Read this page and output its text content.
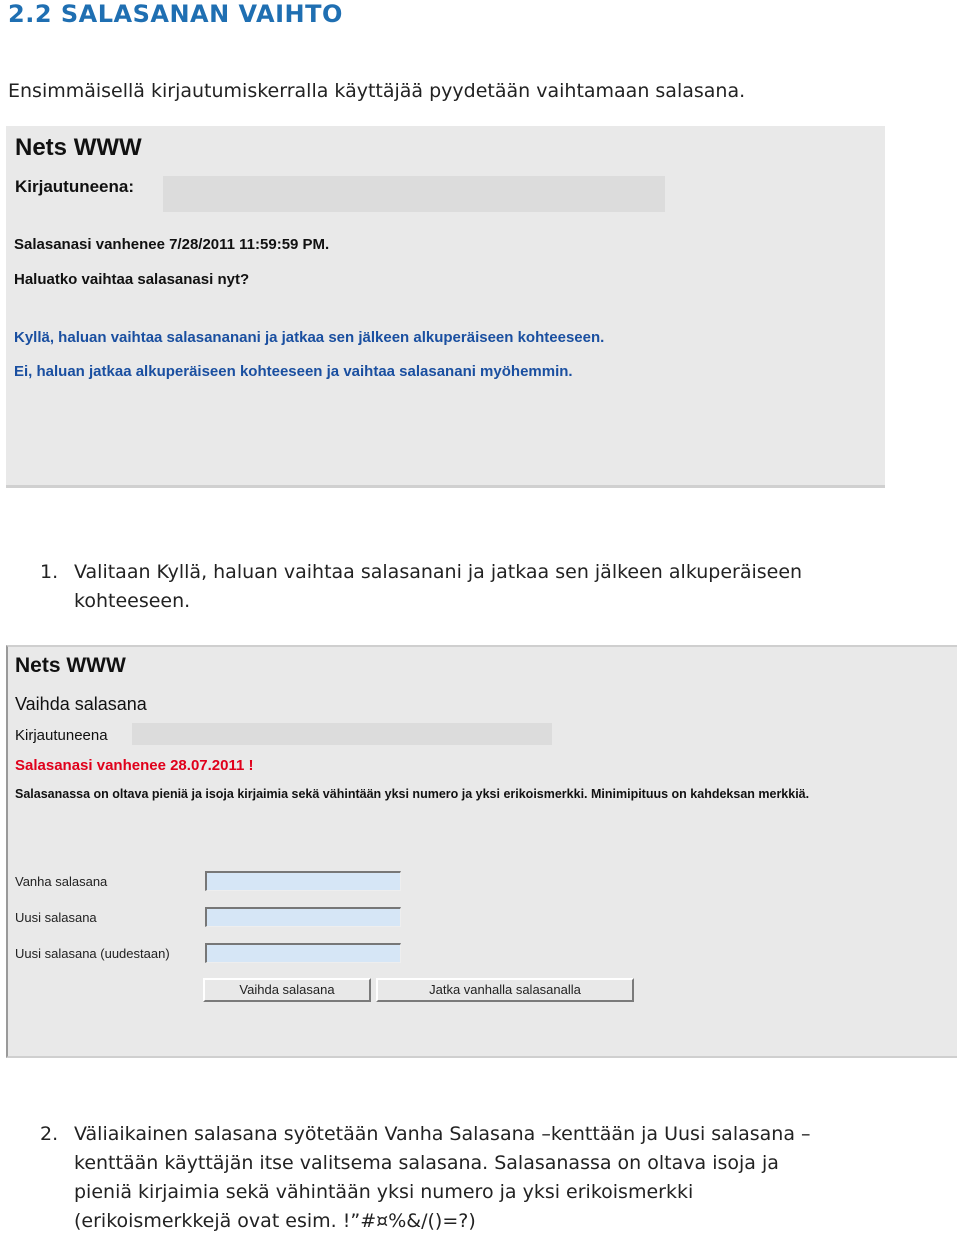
2.2 SALASANAN VAIHTO
Ensimmäisellä kirjautumiskerralla käyttäjää pyydetään vaihtamaan salasana.
Nets WWW
Kirjautuneena:
Salasanasi vanhenee 7/28/2011 11:59:59 PM.
Haluatko vaihtaa salasanasi nyt?
Kyllä, haluan vaihtaa salasananani ja jatkaa sen jälkeen alkuperäiseen kohteeseen.
Ei, haluan jatkaa alkuperäiseen kohteeseen ja vaihtaa salasanani myöhemmin.
1. Valitaan Kyllä, haluan vaihtaa salasanani ja jatkaa sen jälkeen alkuperäiseen
kohteeseen.
Nets WWW
Vaihda salasana
Kirjautuneena
Salasanasi vanhenee 28.07.2011 !
Salasanassa on oltava pieniä ja isoja kirjaimia sekä vähintään yksi numero ja yksi erikoismerkki. Minimipituus on kahdeksan merkkiä.
Vanha salasana
Uusi salasana
Uusi salasana (uudestaan)
Vaihda salasana	Jatka vanhalla salasanalla
2. Väliaikainen salasana syötetään Vanha Salasana –kenttään ja Uusi salasana –
kenttään käyttäjän itse valitsema salasana. Salasanassa on oltava isoja ja
pieniä kirjaimia sekä vähintään yksi numero ja yksi erikoismerkki
(erikoismerkkejä ovat esim. !”#¤%&/()=?)
